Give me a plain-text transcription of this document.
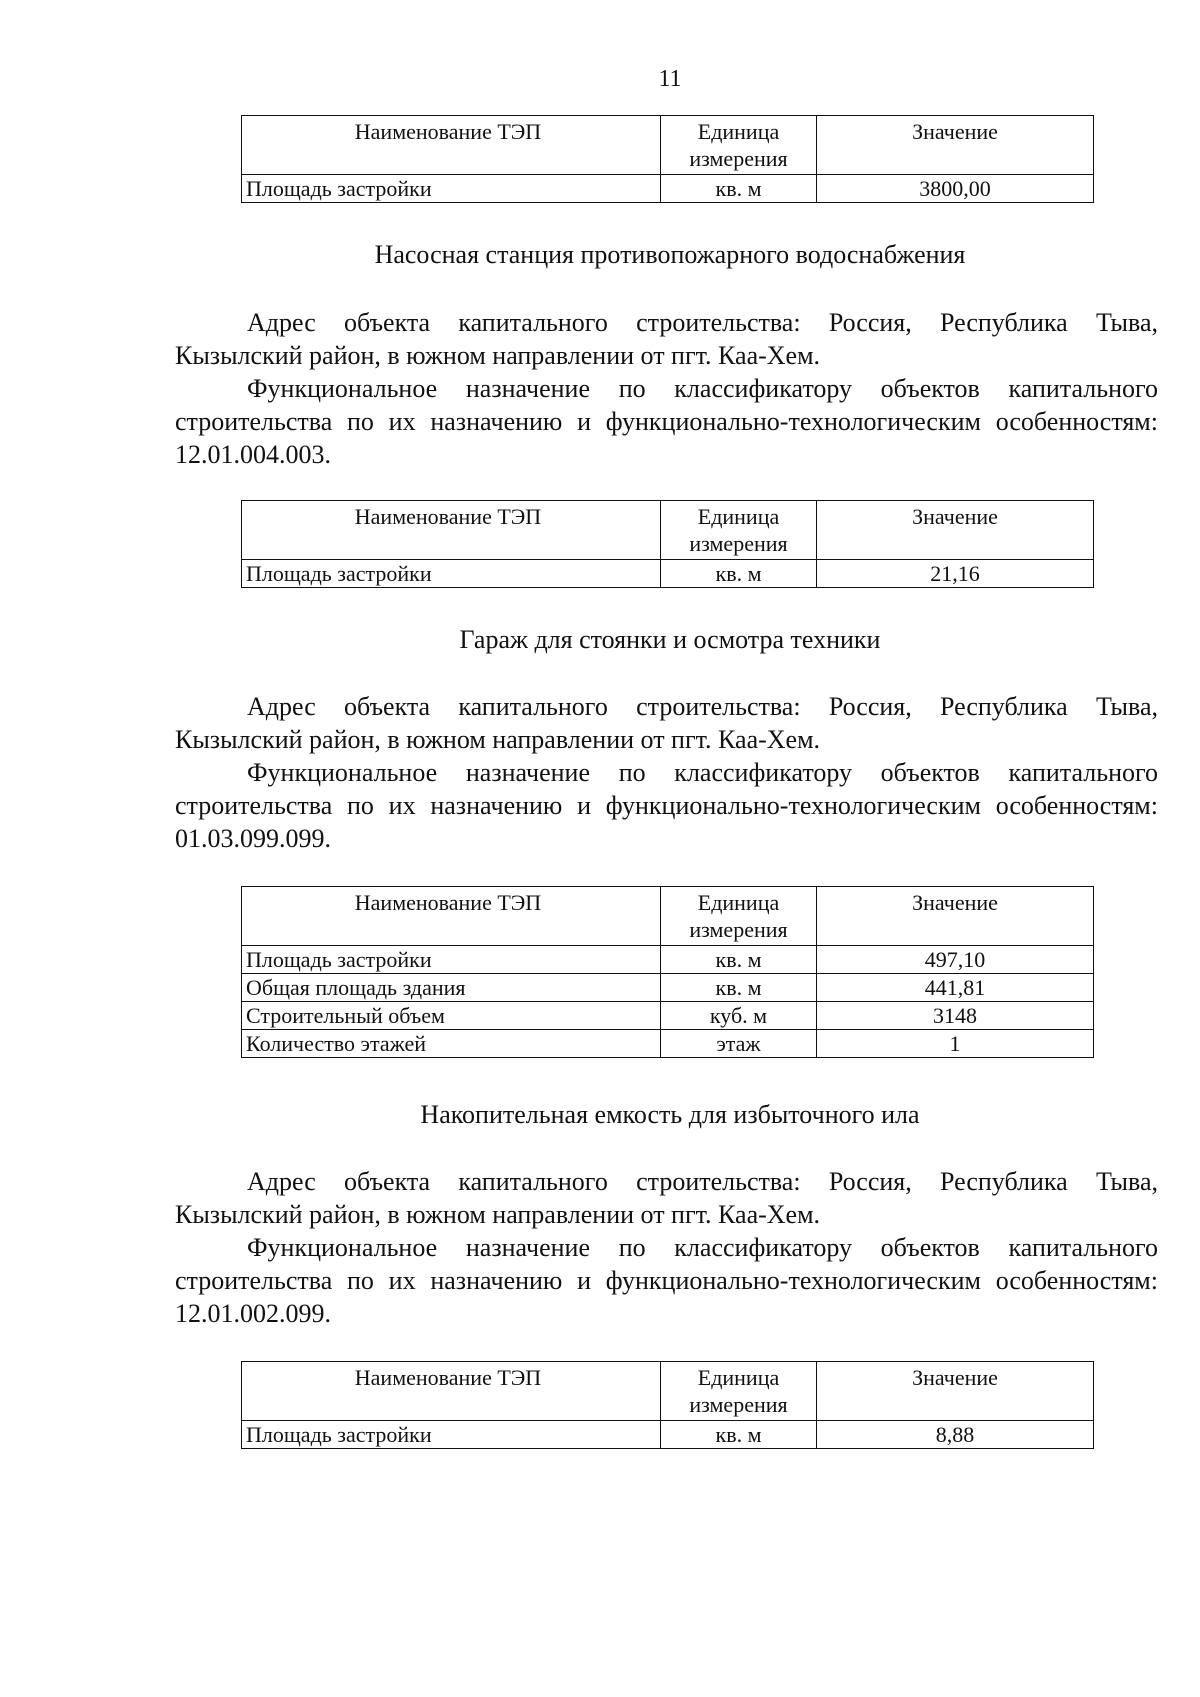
11
Наименование ТЭП	Единица измерения	Значение
Площадь застройки	кв. м	3800,00
Насосная станция противопожарного водоснабжения

Адрес объекта капитального строительства: Россия, Республика Тыва, Кызылский район, в южном направлении от пгт. Каа-Хем.

Функциональное назначение по классификатору объектов капитального строительства по их назначению и функционально-технологическим особенностям: 12.01.004.003.

Наименование ТЭП	Единица измерения	Значение
Площадь застройки	кв. м	21,16
Гараж для стоянки и осмотра техники

Адрес объекта капитального строительства: Россия, Республика Тыва, Кызылский район, в южном направлении от пгт. Каа-Хем.

Функциональное назначение по классификатору объектов капитального строительства по их назначению и функционально-технологическим особенностям: 01.03.099.099.

Наименование ТЭП	Единица измерения	Значение
Площадь застройки	кв. м	497,10
Общая площадь здания	кв. м	441,81
Строительный объем	куб. м	3148
Количество этажей	этаж	1
Накопительная емкость для избыточного ила

Адрес объекта капитального строительства: Россия, Республика Тыва, Кызылский район, в южном направлении от пгт. Каа-Хем.

Функциональное назначение по классификатору объектов капитального строительства по их назначению и функционально-технологическим особенностям: 12.01.002.099.

Наименование ТЭП	Единица измерения	Значение
Площадь застройки	кв. м	8,88
